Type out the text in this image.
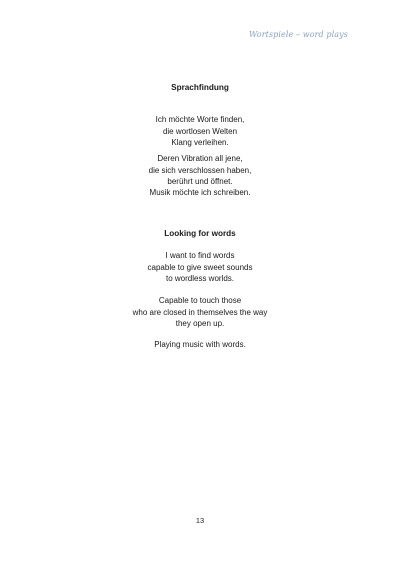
Wortspiele – word plays

Sprachfindung

Ich möchte Worte finden,
die wortlosen Welten
Klang verleihen.
Deren Vibration all jene,
die sich verschlossen haben,
berührt und öffnet.
Musik möchte ich schreiben.

Looking for words

I want to find words
capable to give sweet sounds
to wordless worlds.
Capable to touch those
who are closed in themselves the way
they open up.
Playing music with words.
13
